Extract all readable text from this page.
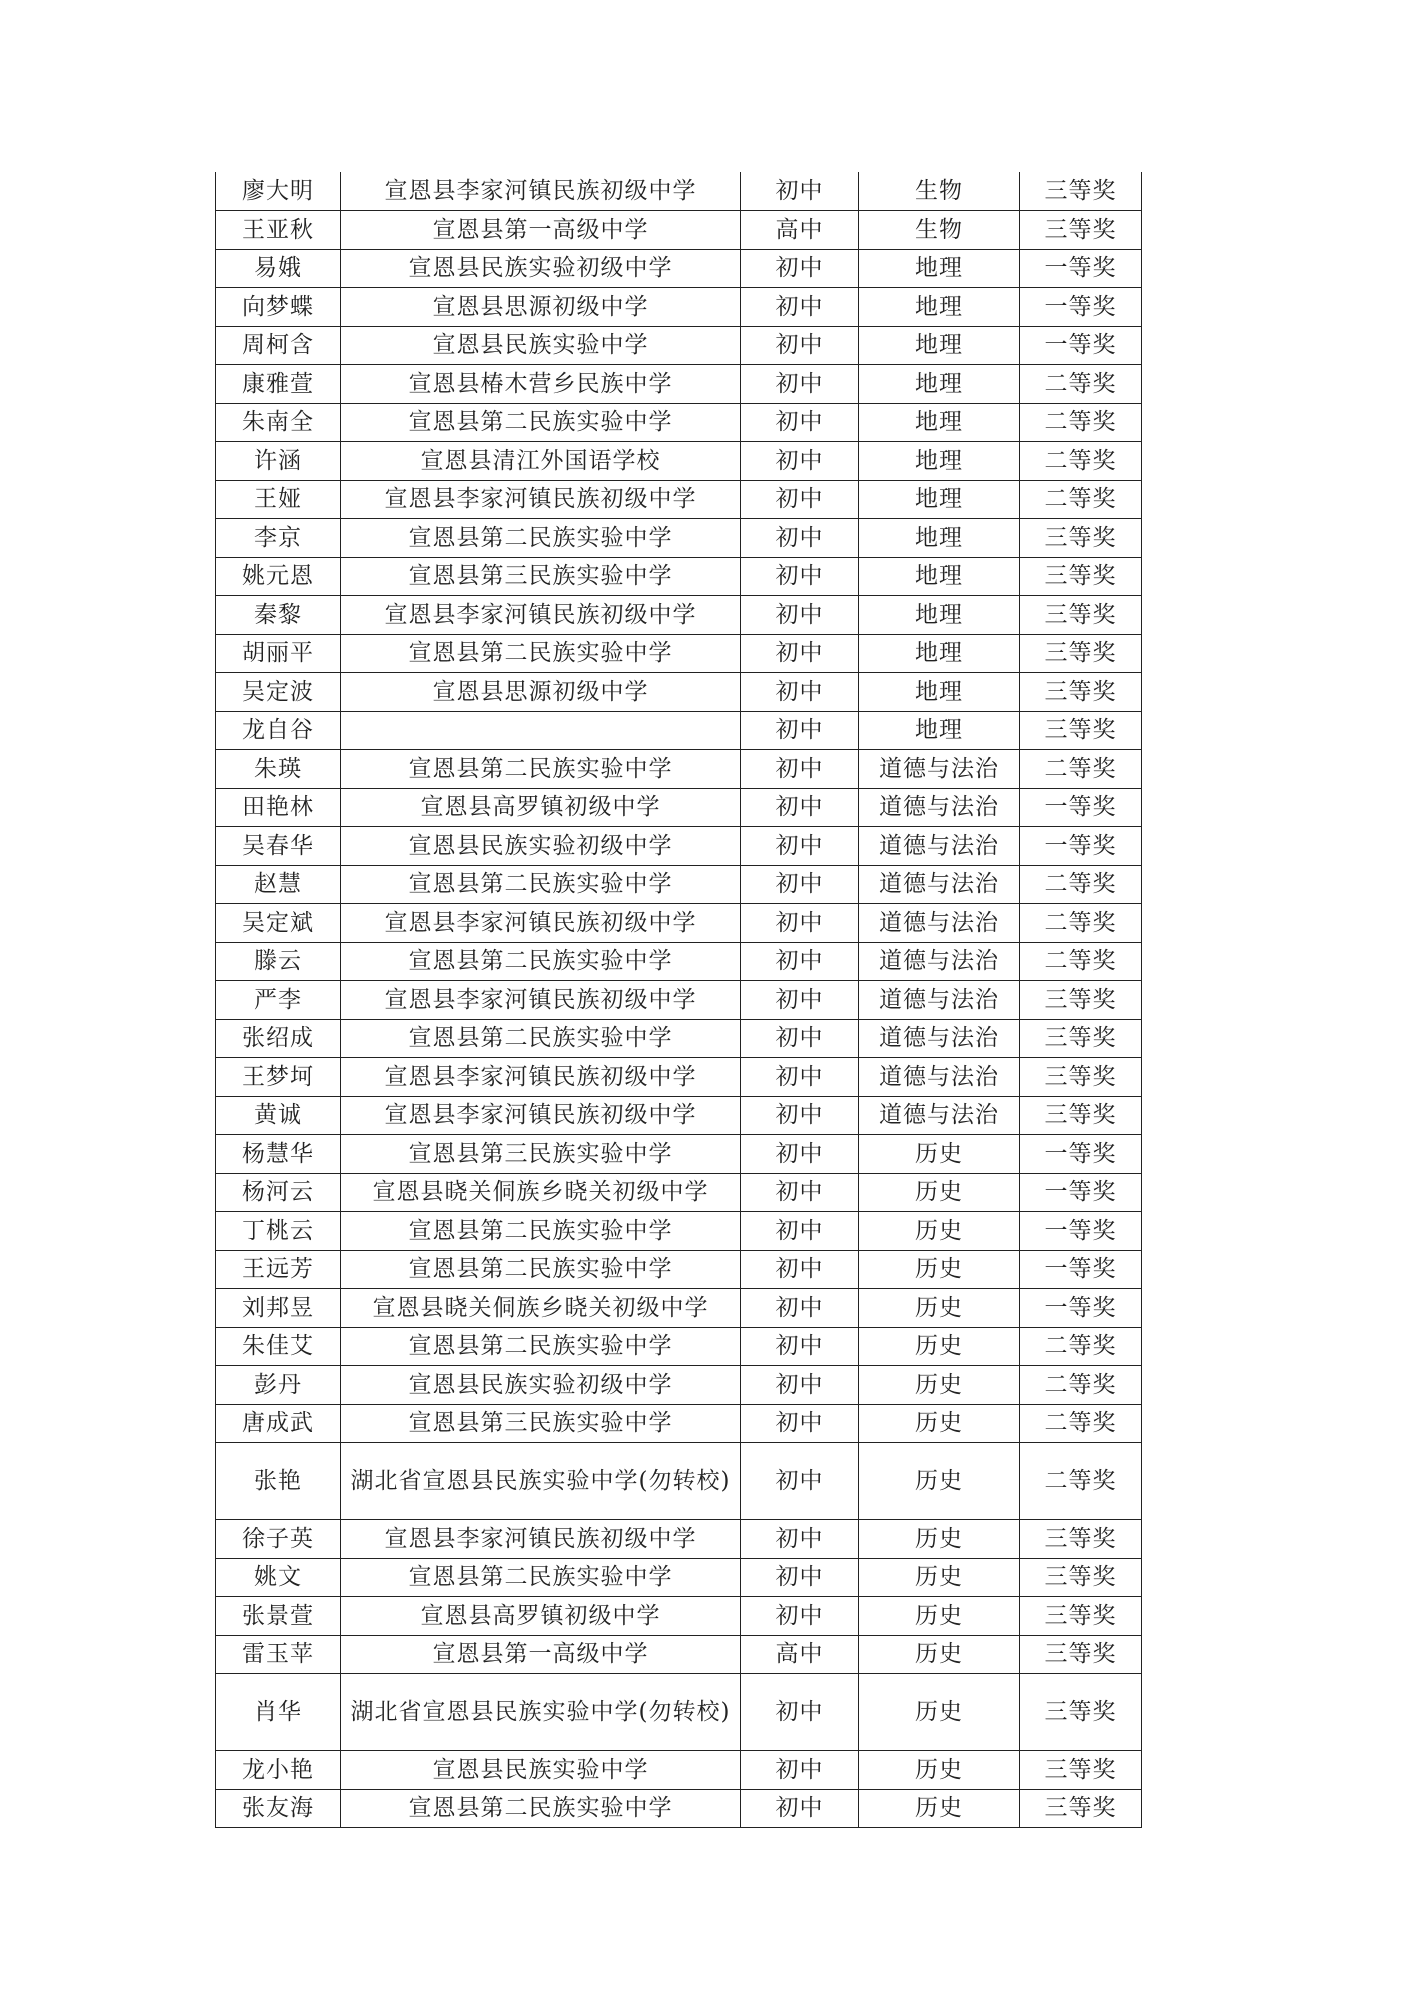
廖大明	宣恩县李家河镇民族初级中学	初中	生物	三等奖
王亚秋	宣恩县第一高级中学	高中	生物	三等奖
易娥	宣恩县民族实验初级中学	初中	地理	一等奖
向梦蝶	宣恩县思源初级中学	初中	地理	一等奖
周柯含	宣恩县民族实验中学	初中	地理	一等奖
康雅萱	宣恩县椿木营乡民族中学	初中	地理	二等奖
朱南全	宣恩县第二民族实验中学	初中	地理	二等奖
许涵	宣恩县清江外国语学校	初中	地理	二等奖
王娅	宣恩县李家河镇民族初级中学	初中	地理	二等奖
李京	宣恩县第二民族实验中学	初中	地理	三等奖
姚元恩	宣恩县第三民族实验中学	初中	地理	三等奖
秦黎	宣恩县李家河镇民族初级中学	初中	地理	三等奖
胡丽平	宣恩县第二民族实验中学	初中	地理	三等奖
吴定波	宣恩县思源初级中学	初中	地理	三等奖
龙自谷		初中	地理	三等奖
朱瑛	宣恩县第二民族实验中学	初中	道德与法治	二等奖
田艳林	宣恩县高罗镇初级中学	初中	道德与法治	一等奖
吴春华	宣恩县民族实验初级中学	初中	道德与法治	一等奖
赵慧	宣恩县第二民族实验中学	初中	道德与法治	二等奖
吴定斌	宣恩县李家河镇民族初级中学	初中	道德与法治	二等奖
滕云	宣恩县第二民族实验中学	初中	道德与法治	二等奖
严李	宣恩县李家河镇民族初级中学	初中	道德与法治	三等奖
张绍成	宣恩县第二民族实验中学	初中	道德与法治	三等奖
王梦坷	宣恩县李家河镇民族初级中学	初中	道德与法治	三等奖
黄诚	宣恩县李家河镇民族初级中学	初中	道德与法治	三等奖
杨慧华	宣恩县第三民族实验中学	初中	历史	一等奖
杨河云	宣恩县晓关侗族乡晓关初级中学	初中	历史	一等奖
丁桃云	宣恩县第二民族实验中学	初中	历史	一等奖
王远芳	宣恩县第二民族实验中学	初中	历史	一等奖
刘邦昱	宣恩县晓关侗族乡晓关初级中学	初中	历史	一等奖
朱佳艾	宣恩县第二民族实验中学	初中	历史	二等奖
彭丹	宣恩县民族实验初级中学	初中	历史	二等奖
唐成武	宣恩县第三民族实验中学	初中	历史	二等奖
张艳	湖北省宣恩县民族实验中学(勿转校)	初中	历史	二等奖
徐子英	宣恩县李家河镇民族初级中学	初中	历史	三等奖
姚文	宣恩县第二民族实验中学	初中	历史	三等奖
张景萱	宣恩县高罗镇初级中学	初中	历史	三等奖
雷玉苹	宣恩县第一高级中学	高中	历史	三等奖
肖华	湖北省宣恩县民族实验中学(勿转校)	初中	历史	三等奖
龙小艳	宣恩县民族实验中学	初中	历史	三等奖
张友海	宣恩县第二民族实验中学	初中	历史	三等奖
